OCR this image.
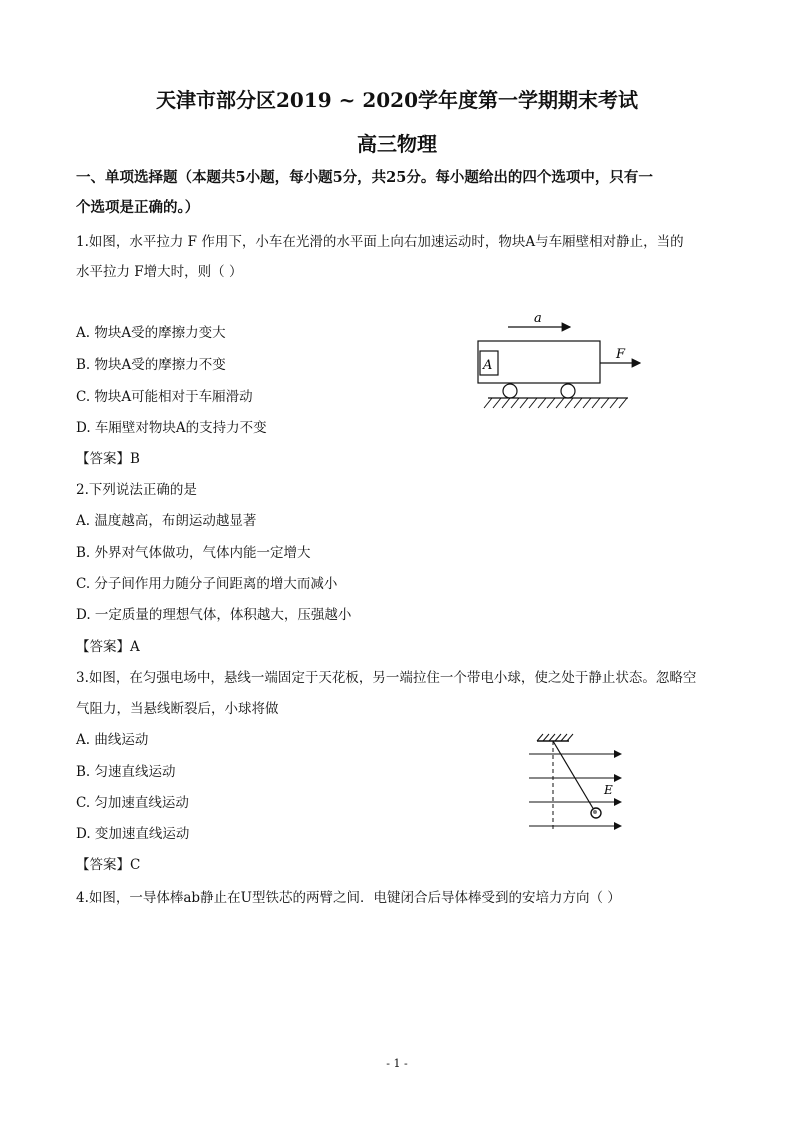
天津市部分区2019 ~ 2020学年度第一学期期末考试
高三物理
一、单项选择题（本题共5小题，每小题5分，共25分。每小题给出的四个选项中，只有一
个选项是正确的。）
1.如图，水平拉力 F 作用下，小车在光滑的水平面上向右加速运动时，物块A与车厢壁相对静止，当的
水平拉力 F增大时，则（ ）
A. 物块A受的摩擦力变大
B. 物块A受的摩擦力不变
C. 物块A可能相对于车厢滑动
D. 车厢壁对物块A的支持力不变
【答案】B
a
A
F
2.下列说法正确的是
A. 温度越高，布朗运动越显著
B. 外界对气体做功，气体内能一定增大
C. 分子间作用力随分子间距离的增大而减小
D. 一定质量的理想气体，体积越大，压强越小
【答案】A
3.如图，在匀强电场中，悬线一端固定于天花板，另一端拉住一个带电小球，使之处于静止状态。忽略空
气阻力，当悬线断裂后，小球将做
A. 曲线运动
B. 匀速直线运动
C. 匀加速直线运动
D. 变加速直线运动
【答案】C
E
4.如图，一导体棒ab静止在U型铁芯的两臂之间．电键闭合后导体棒受到的安培力方向（ ）
- 1 -
